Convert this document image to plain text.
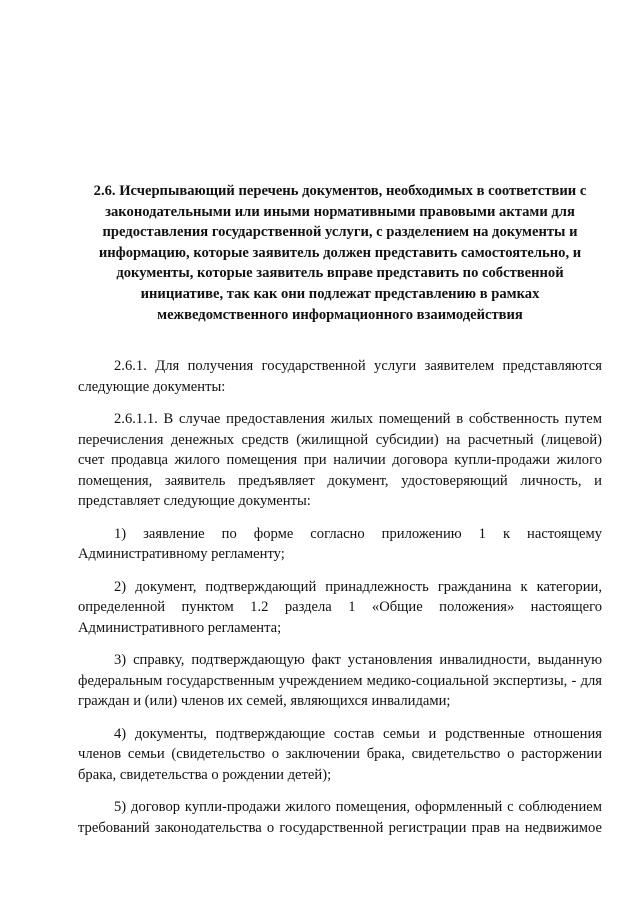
2.6. Исчерпывающий перечень документов, необходимых в соответствии с
законодательными или иными нормативными правовыми актами для
предоставления государственной услуги, с разделением на документы и
информацию, которые заявитель должен представить самостоятельно, и
документы, которые заявитель вправе представить по собственной
инициативе, так как они подлежат представлению в рамках
межведомственного информационного взаимодействия

2.6.1. Для получения государственной услуги заявителем представляются следующие документы:

2.6.1.1. В случае предоставления жилых помещений в собственность путем перечисления денежных средств (жилищной субсидии) на расчетный (лицевой) счет продавца жилого помещения при наличии договора купли-продажи жилого помещения, заявитель предъявляет документ, удостоверяющий личность, и представляет следующие документы:

1) заявление по форме согласно приложению 1 к настоящему Административному регламенту;

2) документ, подтверждающий принадлежность гражданина к категории, определенной пунктом 1.2 раздела 1 «Общие положения» настоящего Административного регламента;

3) справку, подтверждающую факт установления инвалидности, выданную федеральным государственным учреждением медико-социальной экспертизы, - для граждан и (или) членов их семей, являющихся инвалидами;

4) документы, подтверждающие состав семьи и родственные отношения членов семьи (свидетельство о заключении брака, свидетельство о расторжении брака, свидетельства о рождении детей);

5) договор купли-продажи жилого помещения, оформленный с соблюдением требований законодательства о государственной регистрации прав на недвижимое
